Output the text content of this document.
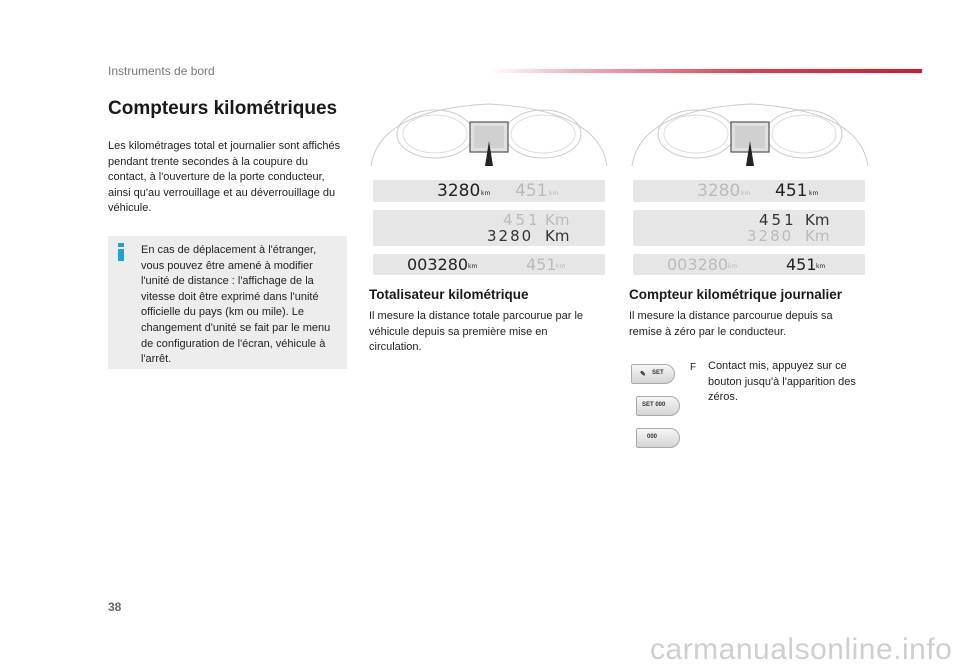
Instruments de bord
Compteurs kilométriques
Les kilométrages total et journalier sont affichés pendant trente secondes à la coupure du contact, à l'ouverture de la porte conducteur, ainsi qu'au verrouillage et au déverrouillage du véhicule.
En cas de déplacement à l'étranger, vous pouvez être amené à modifier l'unité de distance : l'affichage de la vitesse doit être exprimé dans l'unité officielle du pays (km ou mile). Le changement d'unité se fait par le menu de configuration de l'écran, véhicule à l'arrêt.
3280 km 451 km
451 Km
3280 Km
003280 km	451 km
3280 km 451 km
451 Km
3280 Km
003280 km	451 km
Totalisateur kilométrique
Il mesure la distance totale parcourue par le véhicule depuis sa première mise en circulation.
Compteur kilométrique journalier
Il mesure la distance parcourue depuis sa remise à zéro par le conducteur.
✎ SET
SET 000
000
F Contact mis, appuyez sur ce bouton jusqu'à l'apparition des zéros.
38
carmanualsonline.info
